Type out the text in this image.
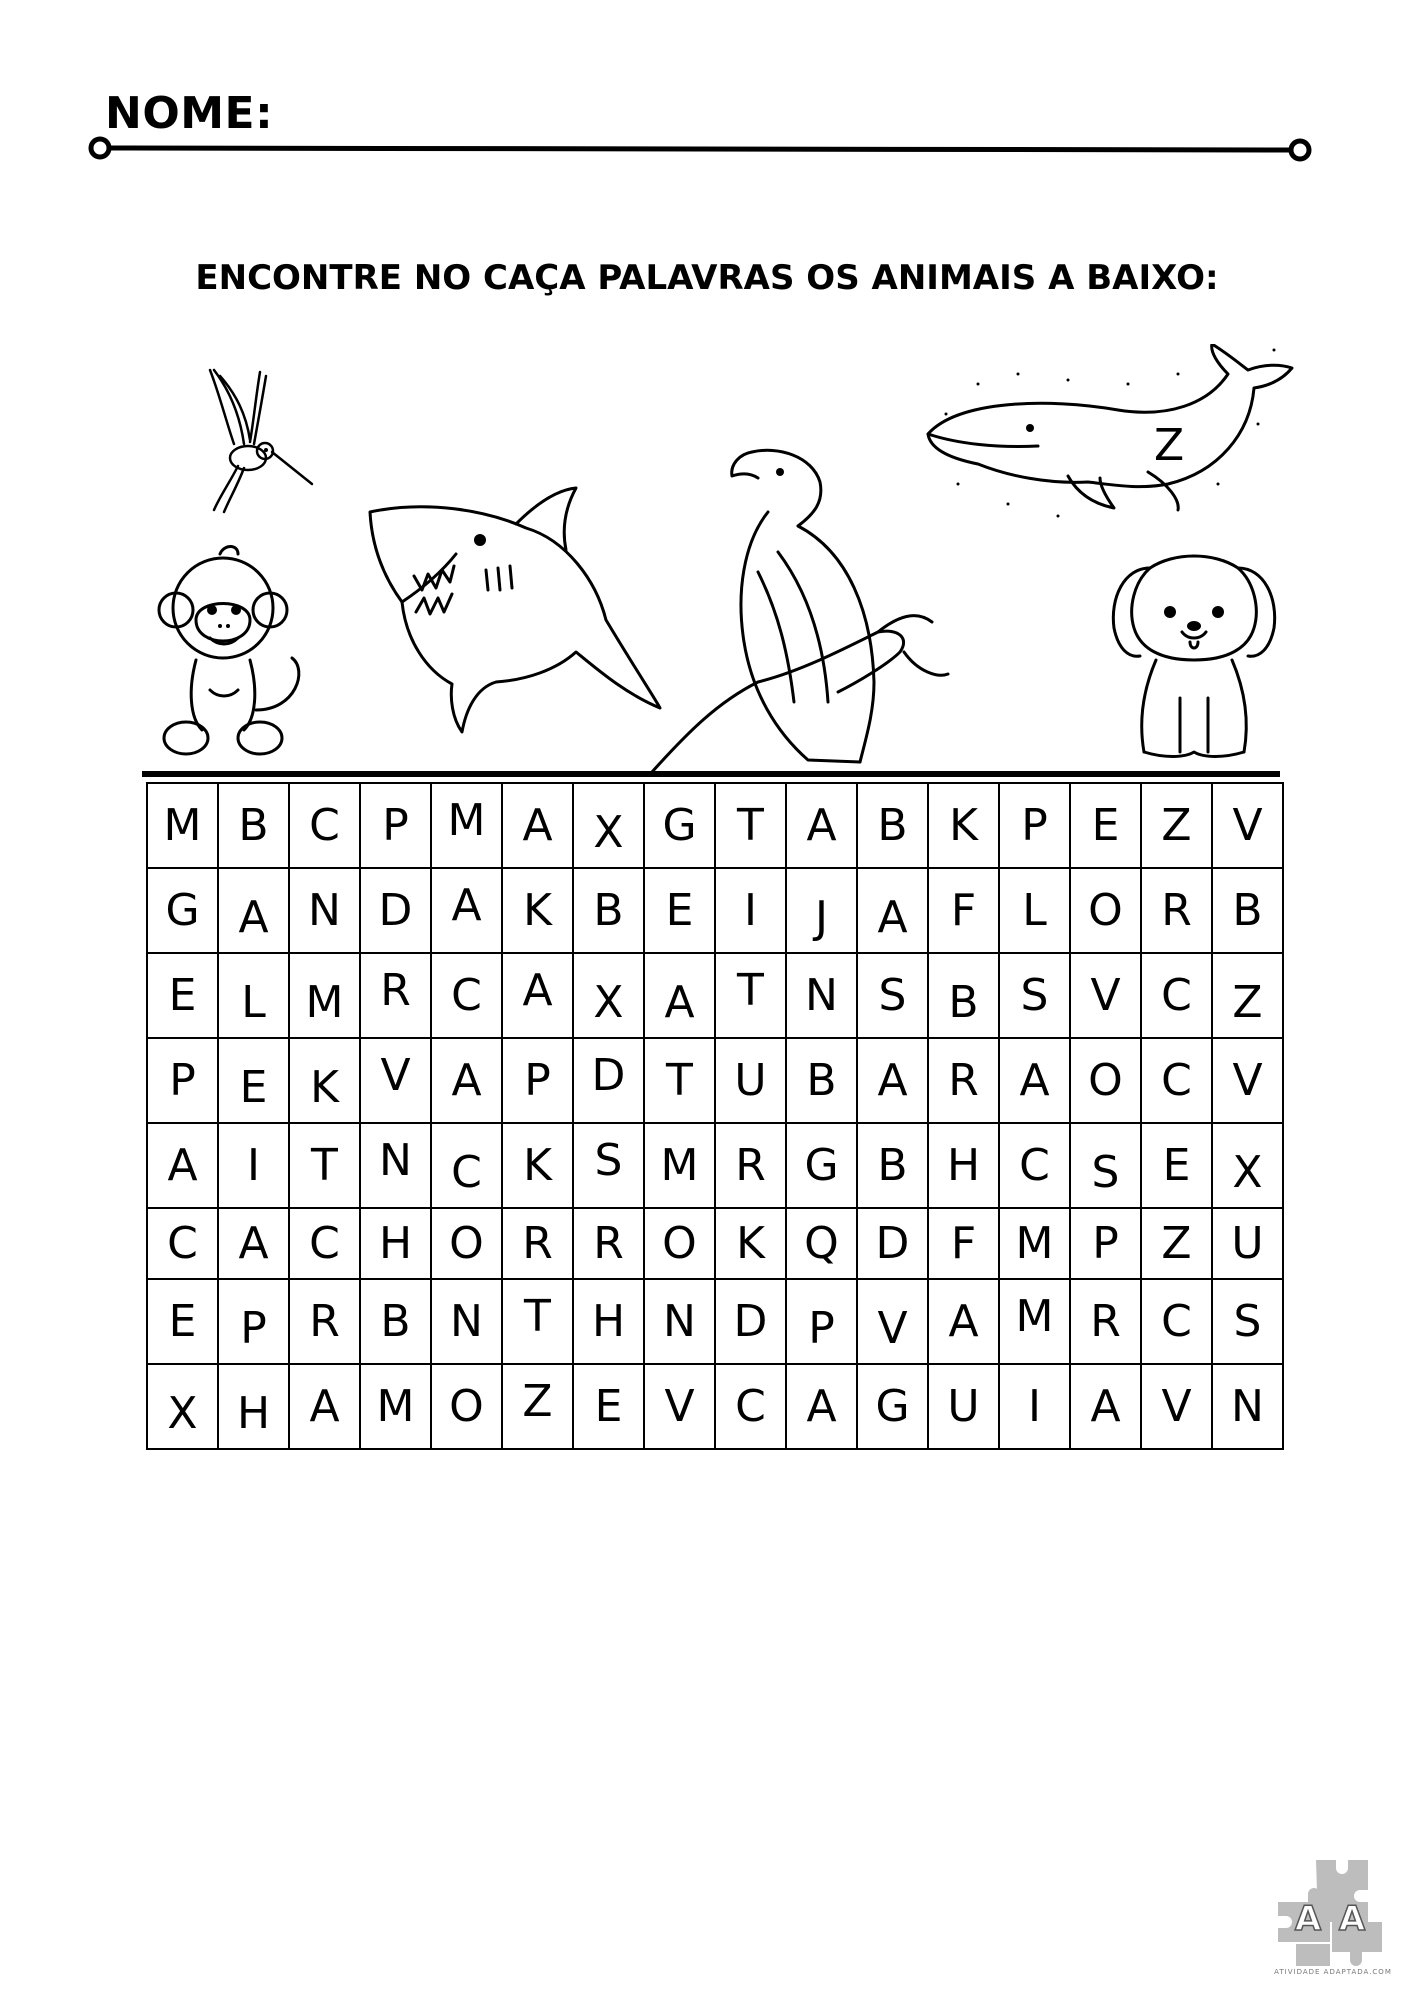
NOME:
ENCONTRE NO CAÇA PALAVRAS OS ANIMAIS A BAIXO:
Z
M	B	C	P	M	A	X	G	T	A	B	K	P	E	Z	V
G	A	N	D	A	K	B	E	I	J	A	F	L	O	R	B
E	L	M	R	C	A	X	A	T	N	S	B	S	V	C	Z
P	E	K	V	A	P	D	T	U	B	A	R	A	O	C	V
A	I	T	N	C	K	S	M	R	G	B	H	C	S	E	X
C	A	C	H	O	R	R	O	K	Q	D	F	M	P	Z	U
E	P	R	B	N	T	H	N	D	P	V	A	M	R	C	S
X	H	A	M	O	Z	E	V	C	A	G	U	I	A	V	N
A A
ATIVIDADE ADAPTADA.COM
